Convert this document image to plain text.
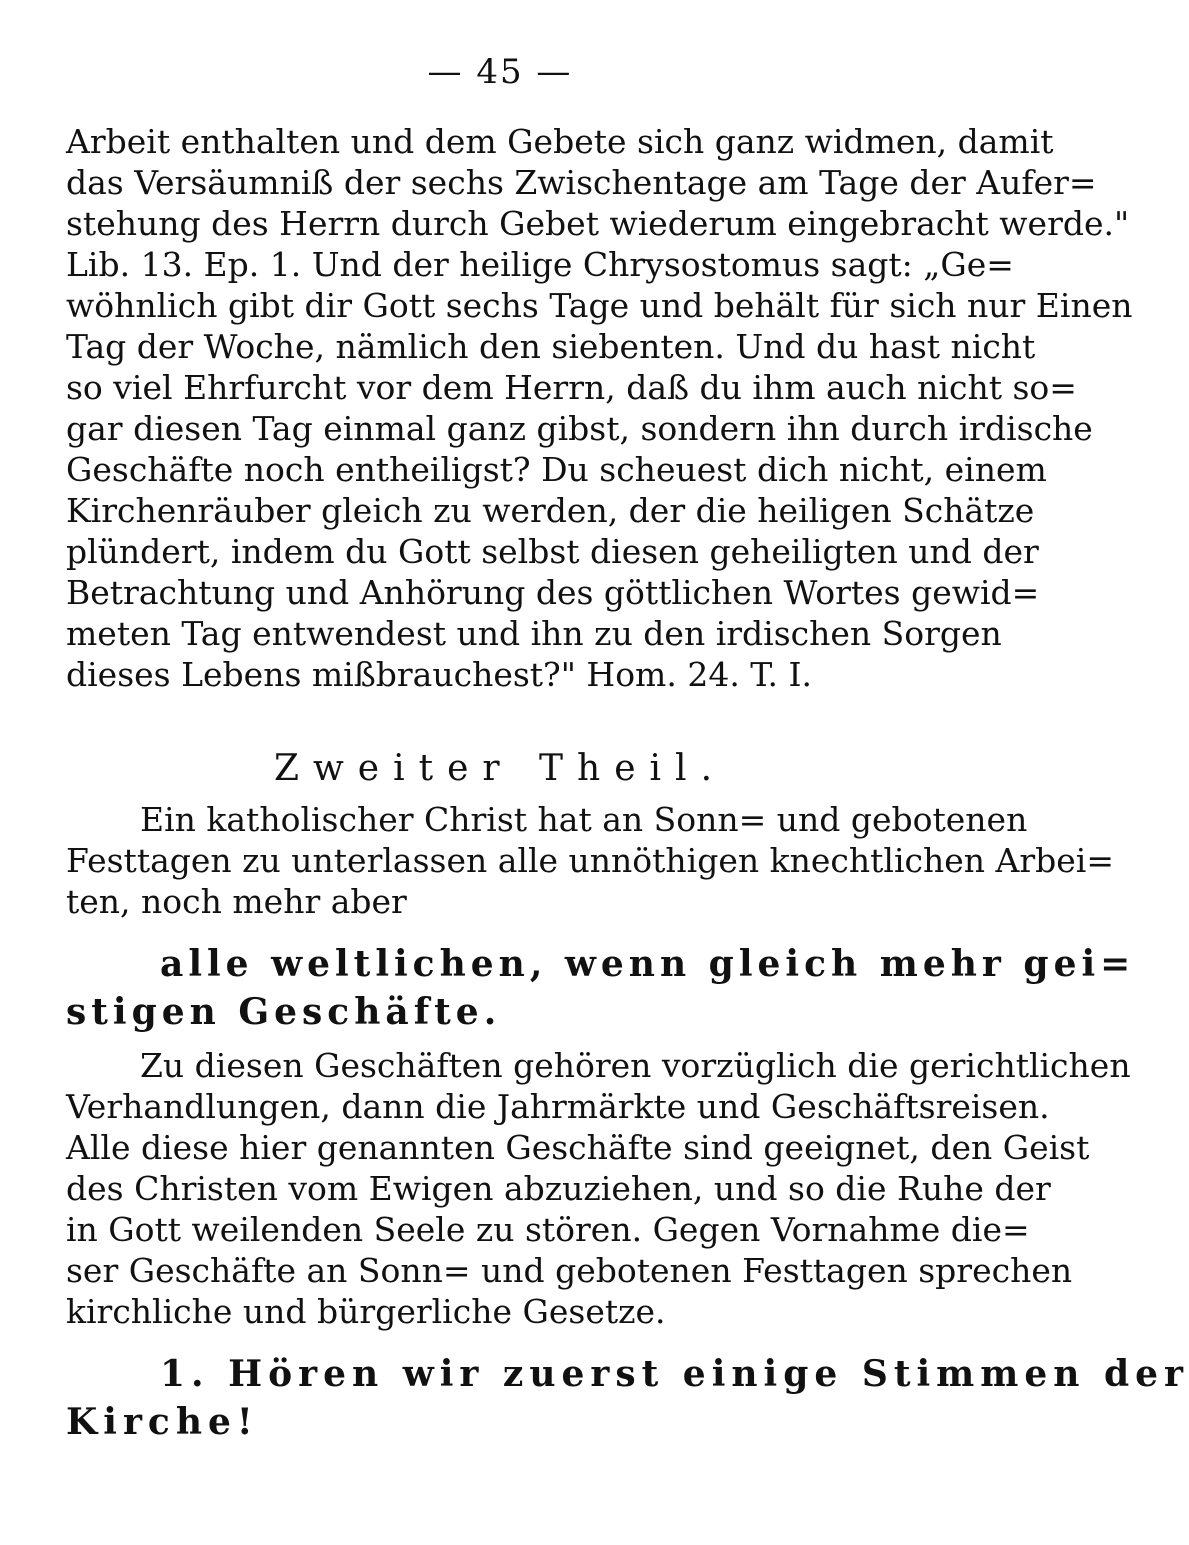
— 45 —
Arbeit enthalten und dem Gebete sich ganz widmen, damit
das Versäumniß der sechs Zwischentage am Tage der Aufer=
stehung des Herrn durch Gebet wiederum eingebracht werde."
Lib. 13. Ep. 1. Und der heilige Chrysostomus sagt: „Ge=
wöhnlich gibt dir Gott sechs Tage und behält für sich nur Einen
Tag der Woche, nämlich den siebenten. Und du hast nicht
so viel Ehrfurcht vor dem Herrn, daß du ihm auch nicht so=
gar diesen Tag einmal ganz gibst, sondern ihn durch irdische
Geschäfte noch entheiligst? Du scheuest dich nicht, einem
Kirchenräuber gleich zu werden, der die heiligen Schätze
plündert, indem du Gott selbst diesen geheiligten und der
Betrachtung und Anhörung des göttlichen Wortes gewid=
meten Tag entwendest und ihn zu den irdischen Sorgen
dieses Lebens mißbrauchest?" Hom. 24. T. I.
Zweiter Theil.
Ein katholischer Christ hat an Sonn= und gebotenen
Festtagen zu unterlassen alle unnöthigen knechtlichen Arbei=
ten, noch mehr aber
alle weltlichen, wenn gleich mehr gei=
stigen Geschäfte.
Zu diesen Geschäften gehören vorzüglich die gerichtlichen
Verhandlungen, dann die Jahrmärkte und Geschäftsreisen.
Alle diese hier genannten Geschäfte sind geeignet, den Geist
des Christen vom Ewigen abzuziehen, und so die Ruhe der
in Gott weilenden Seele zu stören. Gegen Vornahme die=
ser Geschäfte an Sonn= und gebotenen Festtagen sprechen
kirchliche und bürgerliche Gesetze.
1. Hören wir zuerst einige Stimmen der
Kirche!
